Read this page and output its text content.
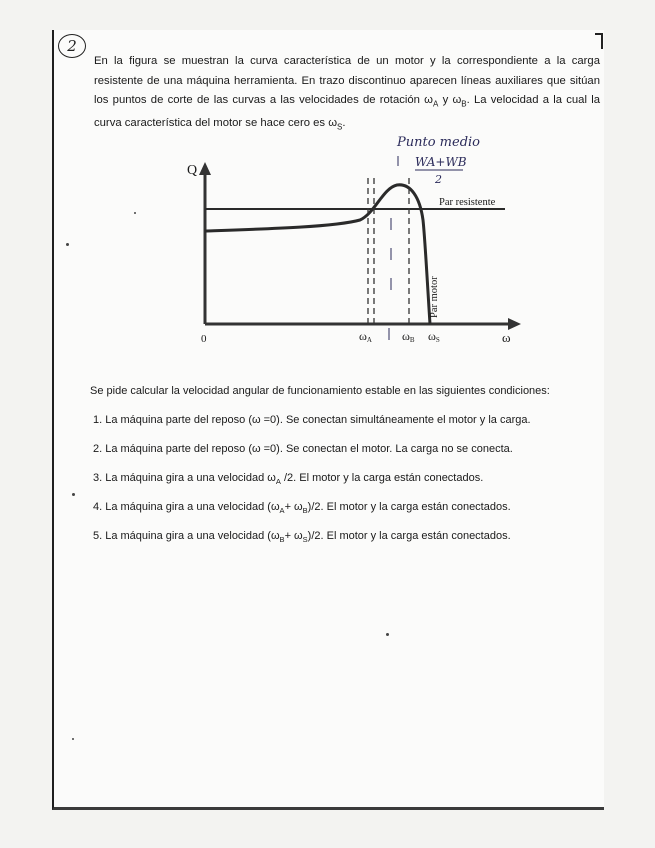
2

En la figura se muestran la curva característica de un motor y la correspondiente a la carga resistente de una máquina herramienta. En trazo discontinuo aparecen líneas auxiliares que sitúan los puntos de corte de las curvas a las velocidades de rotación $\omega_A$ y $\omega_B$. La velocidad a la cual la curva característica del motor se hace cero es $\omega_S$.

Q
0	ω
ωA	ωB ωS
Par resistente
Par motor
Punto medio
WA+WB
2
Se pide calcular la velocidad angular de funcionamiento estable en las siguientes condiciones:
1. La máquina parte del reposo (ω =0). Se conectan simultáneamente el motor y la carga.
2. La máquina parte del reposo (ω =0). Se conectan el motor. La carga no se conecta.
3. La máquina gira a una velocidad $\omega_A$ /2. El motor y la carga están conectados.
4. La máquina gira a una velocidad $(\omega_A+ \omega_B)/2$. El motor y la carga están conectados.
5. La máquina gira a una velocidad $(\omega_B+ \omega_S)/2$. El motor y la carga están conectados.
